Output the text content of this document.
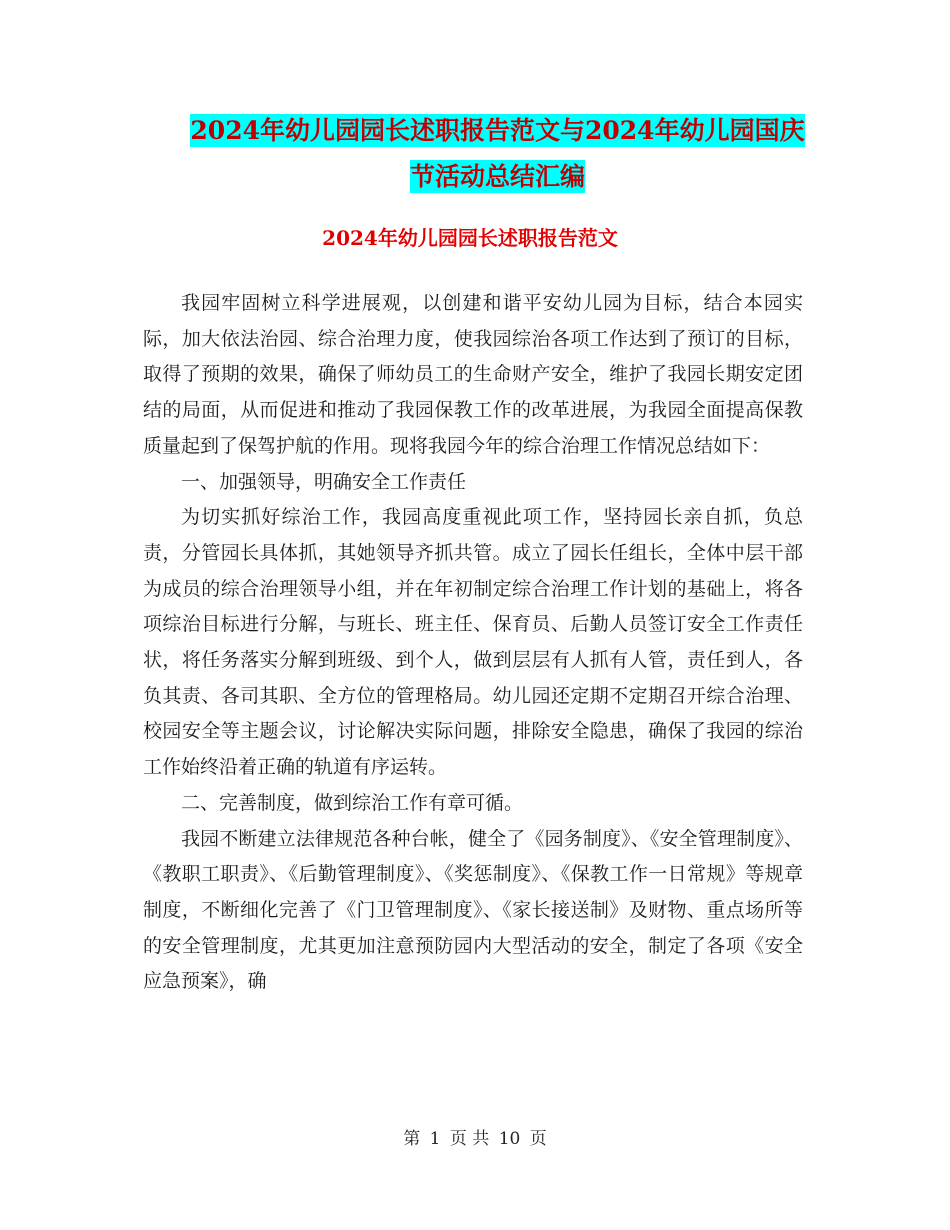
2024年幼儿园园长述职报告范文与2024年幼儿园国庆
节活动总结汇编
2024年幼儿园园长述职报告范文

我园牢固树立科学进展观，以创建和谐平安幼儿园为目标，结合本园实际，加大依法治园、综合治理力度，使我园综治各项工作达到了预订的目标，取得了预期的效果，确保了师幼员工的生命财产安全，维护了我园长期安定团结的局面，从而促进和推动了我园保教工作的改革进展，为我园全面提高保教质量起到了保驾护航的作用。现将我园今年的综合治理工作情况总结如下：

一、加强领导，明确安全工作责任

为切实抓好综治工作，我园高度重视此项工作，坚持园长亲自抓，负总责，分管园长具体抓，其她领导齐抓共管。成立了园长任组长，全体中层干部为成员的综合治理领导小组，并在年初制定综合治理工作计划的基础上，将各项综治目标进行分解，与班长、班主任、保育员、后勤人员签订安全工作责任状，将任务落实分解到班级、到个人，做到层层有人抓有人管，责任到人，各负其责、各司其职、全方位的管理格局。幼儿园还定期不定期召开综合治理、校园安全等主题会议，讨论解决实际问题，排除安全隐患，确保了我园的综治工作始终沿着正确的轨道有序运转。

二、完善制度，做到综治工作有章可循。

我园不断建立法律规范各种台帐，健全了《园务制度》、《安全管理制度》、《教职工职责》、《后勤管理制度》、《奖惩制度》、《保教工作一日常规》等规章制度，不断细化完善了《门卫管理制度》、《家长接送制》及财物、重点场所等的安全管理制度，尤其更加注意预防园内大型活动的安全，制定了各项《安全应急预案》，确

第 1 页 共 10 页
